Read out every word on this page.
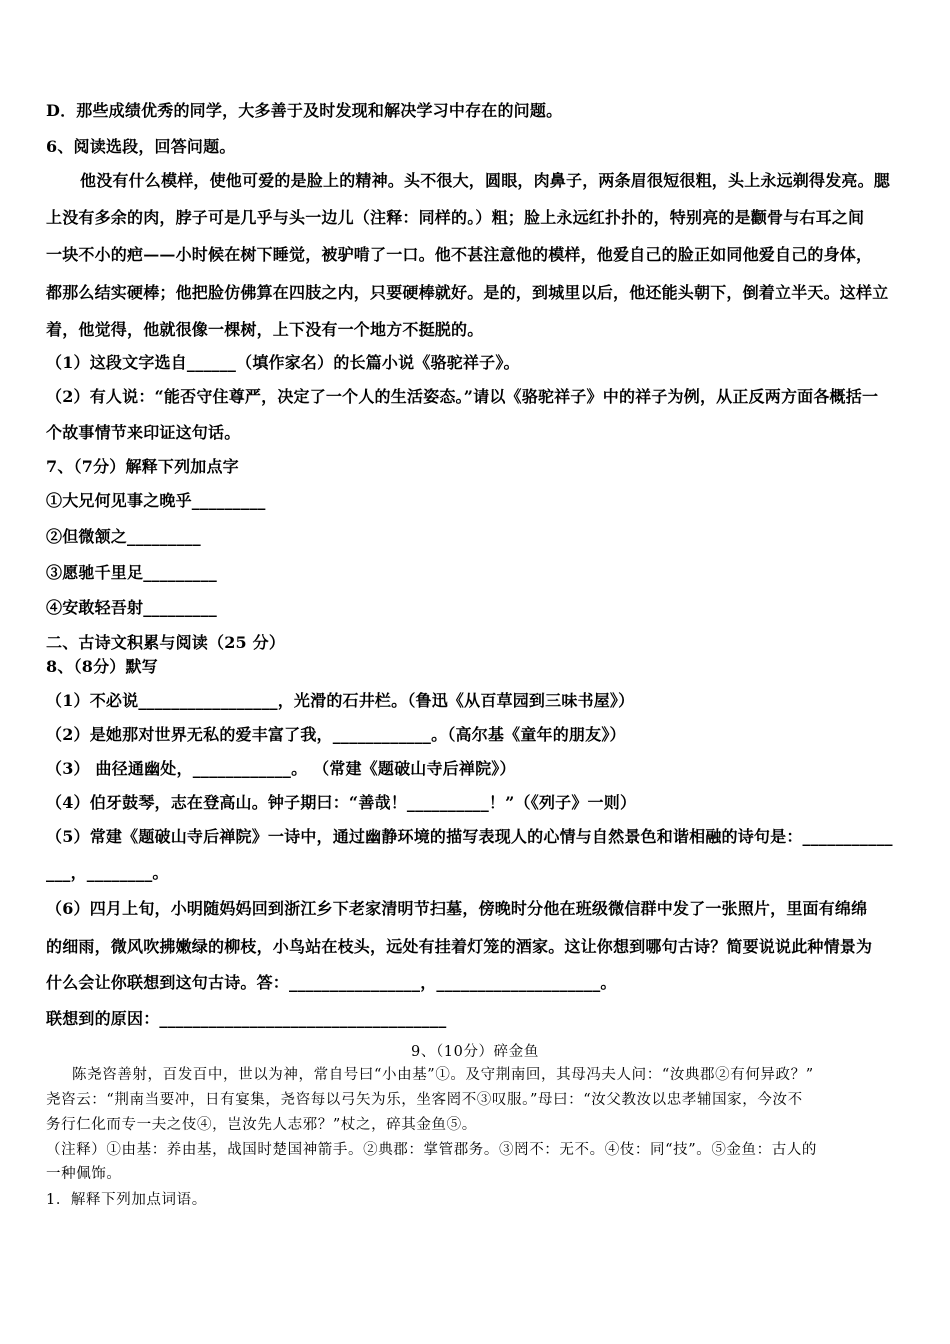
D．那些成绩优秀的同学，大多善于及时发现和解决学习中存在的问题。
6、阅读选段，回答问题。
他没有什么模样，使他可爱的是脸上的精神。头不很大，圆眼，肉鼻子，两条眉很短很粗，头上永远剃得发亮。腮
上没有多余的肉，脖子可是几乎与头一边儿（注释：同样的。）粗；脸上永远红扑扑的，特别亮的是颧骨与右耳之间
一块不小的疤——小时候在树下睡觉，被驴啃了一口。他不甚注意他的模样，他爱自己的脸正如同他爱自己的身体，
都那么结实硬棒；他把脸仿佛算在四肢之内，只要硬棒就好。是的，到城里以后，他还能头朝下，倒着立半天。这样立
着，他觉得，他就很像一棵树，上下没有一个地方不挺脱的。
（1）这段文字选自______（填作家名）的长篇小说《骆驼祥子》。
（2）有人说：“能否守住尊严，决定了一个人的生活姿态。”请以《骆驼祥子》中的祥子为例，从正反两方面各概括一
个故事情节来印证这句话。
7、（7分）解释下列加点字
①大兄何见事之晚乎_________
②但微颔之_________
③愿驰千里足_________
④安敢轻吾射_________
二、古诗文积累与阅读（25 分）
8、（8分）默写
（1）不必说_________________，光滑的石井栏。（鲁迅《从百草园到三味书屋》）
（2）是她那对世界无私的爱丰富了我，____________。（高尔基《童年的朋友》）
（3） 曲径通幽处，____________。 （常建《题破山寺后禅院》）
（4）伯牙鼓琴，志在登高山。钟子期曰：“善哉！__________！”（《列子》一则）
（5）常建《题破山寺后禅院》一诗中，通过幽静环境的描写表现人的心情与自然景色和谐相融的诗句是：___________
___，________。
（6）四月上旬，小明随妈妈回到浙江乡下老家清明节扫墓，傍晚时分他在班级微信群中发了一张照片，里面有绵绵
的细雨，微风吹拂嫩绿的柳枝，小鸟站在枝头，远处有挂着灯笼的酒家。这让你想到哪句古诗？简要说说此种情景为
什么会让你联想到这句古诗。答：________________，____________________。
联想到的原因：___________________________________
9、（10分）碎金鱼
陈尧咨善射，百发百中，世以为神，常自号曰“小由基”①。及守荆南回，其母冯夫人问：“汝典郡②有何异政？”
尧咨云：“荆南当要冲，日有宴集，尧咨每以弓矢为乐，坐客罔不③叹服。”母曰：“汝父教汝以忠孝辅国家，今汝不
务行仁化而专一夫之伎④，岂汝先人志邪？”杖之，碎其金鱼⑤。
（注释）①由基：养由基，战国时楚国神箭手。②典郡：掌管郡务。③罔不：无不。④伎：同“技”。⑤金鱼：古人的
一种佩饰。
1．解释下列加点词语。
